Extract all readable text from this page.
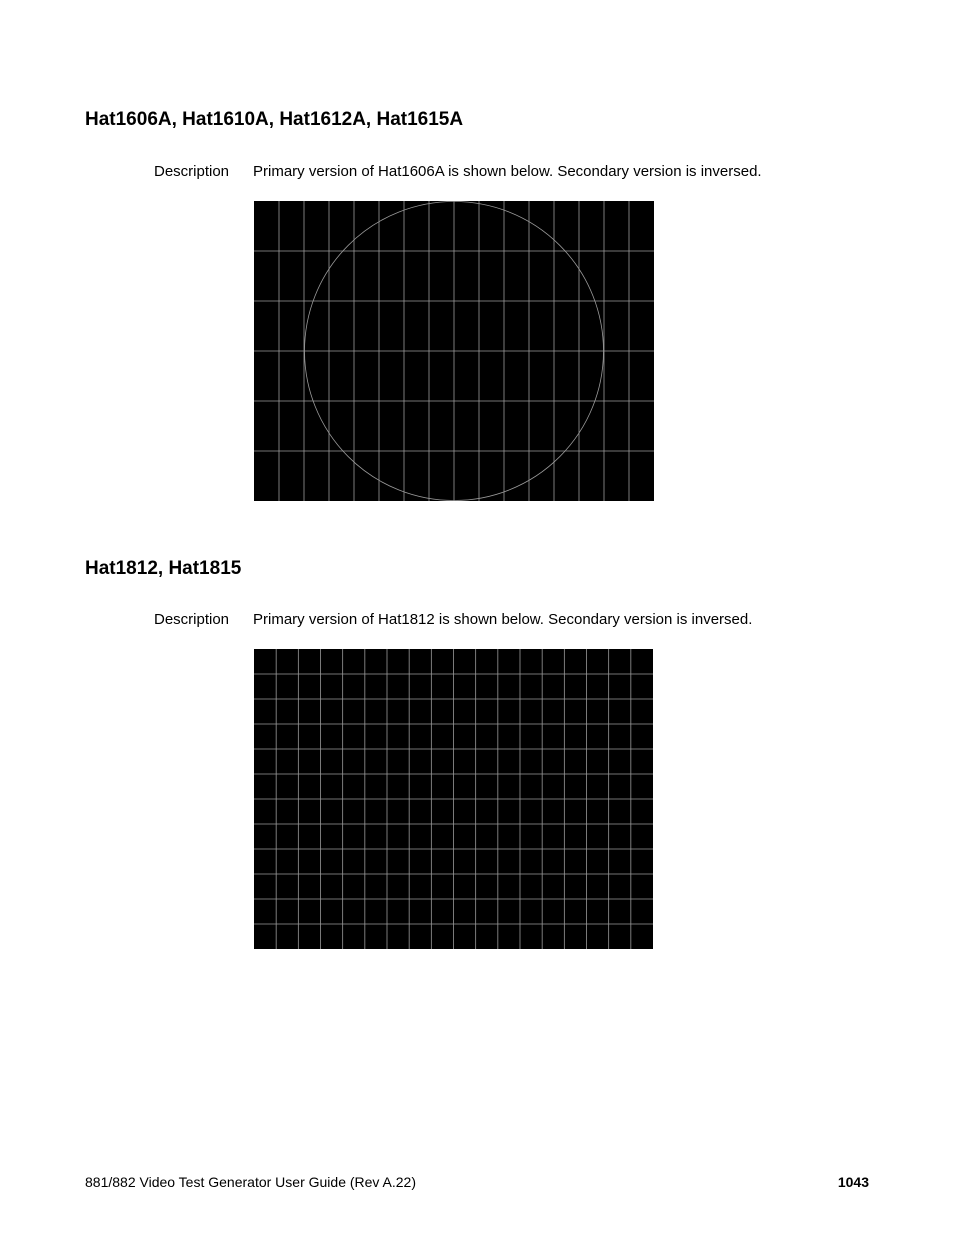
Hat1606A, Hat1610A, Hat1612A, Hat1615A
Description Primary version of Hat1606A is shown below. Secondary version is inversed.
Hat1812, Hat1815
Description Primary version of Hat1812 is shown below. Secondary version is inversed.
881/882 Video Test Generator User Guide (Rev A.22)	1043
